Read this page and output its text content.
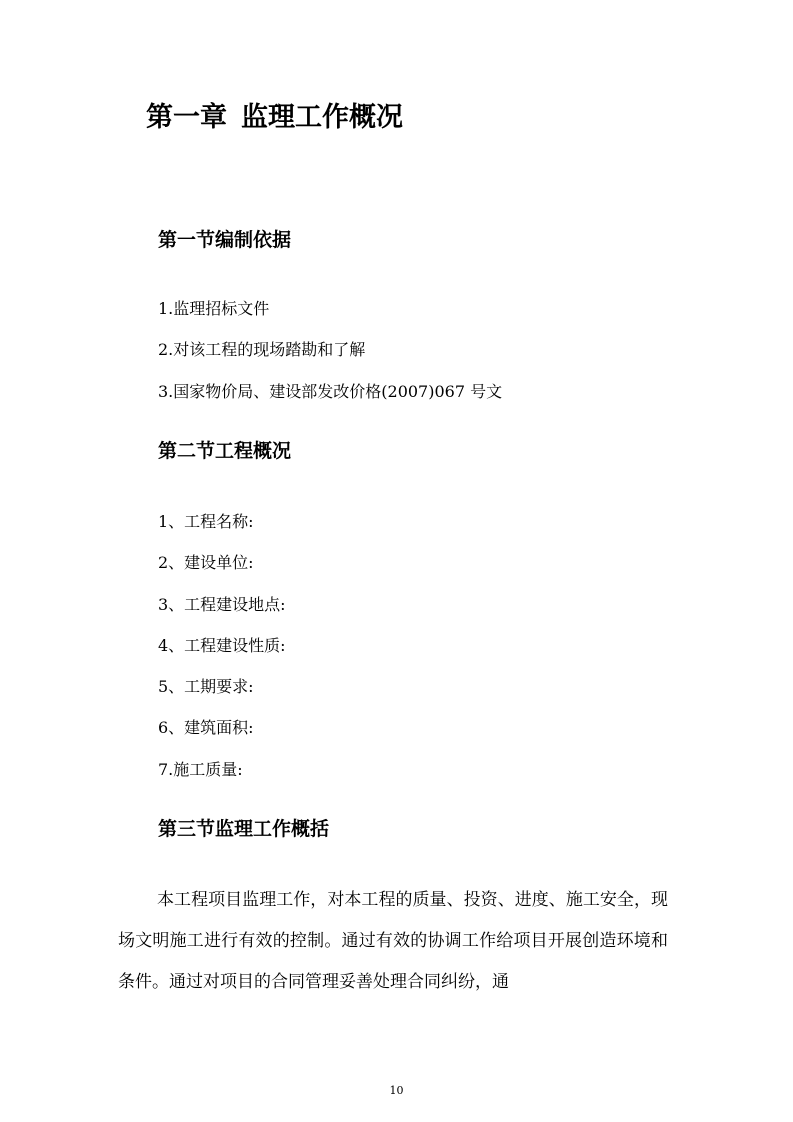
第一章 监理工作概况
第一节编制依据

1.监理招标文件

2.对该工程的现场踏勘和了解

3.国家物价局、建设部发改价格(2007)067 号文

第二节工程概况

1、工程名称:

2、建设单位:

3、工程建设地点:

4、工程建设性质:

5、工期要求:

6、建筑面积:

7.施工质量:

第三节监理工作概括

本工程项目监理工作，对本工程的质量、投资、进度、施工安全，现场文明施工进行有效的控制。通过有效的协调工作给项目开展创造环境和条件。通过对项目的合同管理妥善处理合同纠纷，通

10
